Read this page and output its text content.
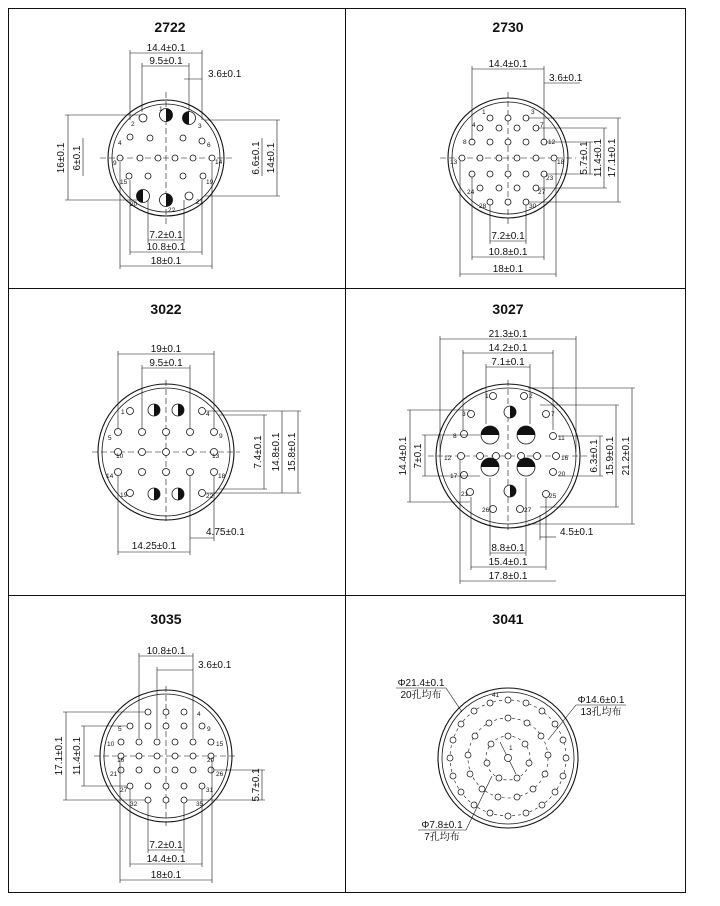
2722
14.4±0.1
9.5±0.1
3.6±0.1
7.2±0.1
10.8±0.1
18±0.1
16±0.1 6±0.1	6.6±0.1 14±0.1
1
2	3
4	6
9	14
15	19
20	21
22
2730
14.4±0.1
3.6±0.1
7.2±0.1
10.8±0.1
18±0.1
5.7±0.1 11.4±0.1 17.1±0.1
1	3
4	7
8	12
13	18
23
24	27
28	30
3022
19±0.1
9.5±0.1
4.75±0.1
14.25±0.1
7.4±0.1 14.8±0.1 15.8±0.1
1	4
5	9
10	13
14	18
19	22
3027
21.3±0.1
14.2±0.1
7.1±0.1
4.5±0.1
8.8±0.1
15.4±0.1
17.8±0.1
14.4±0.1 7±0.1	6.3±0.1 15.9±0.1 21.2±0.1
1	2
3	7
8	11
12	16
17	20
21	25
26	27
3035
10.8±0.1
3.6±0.1
7.2±0.1
14.4±0.1
18±0.1
17.1±0.1 11.4±0.1
5.7±0.1
4
5	9
10	15
16	20
21	26
27	31
32	35
3041
Φ21.4±0.1
20孔均布	Φ14.6±0.1
13孔均布
Φ7.8±0.1
7孔均布
41
1
